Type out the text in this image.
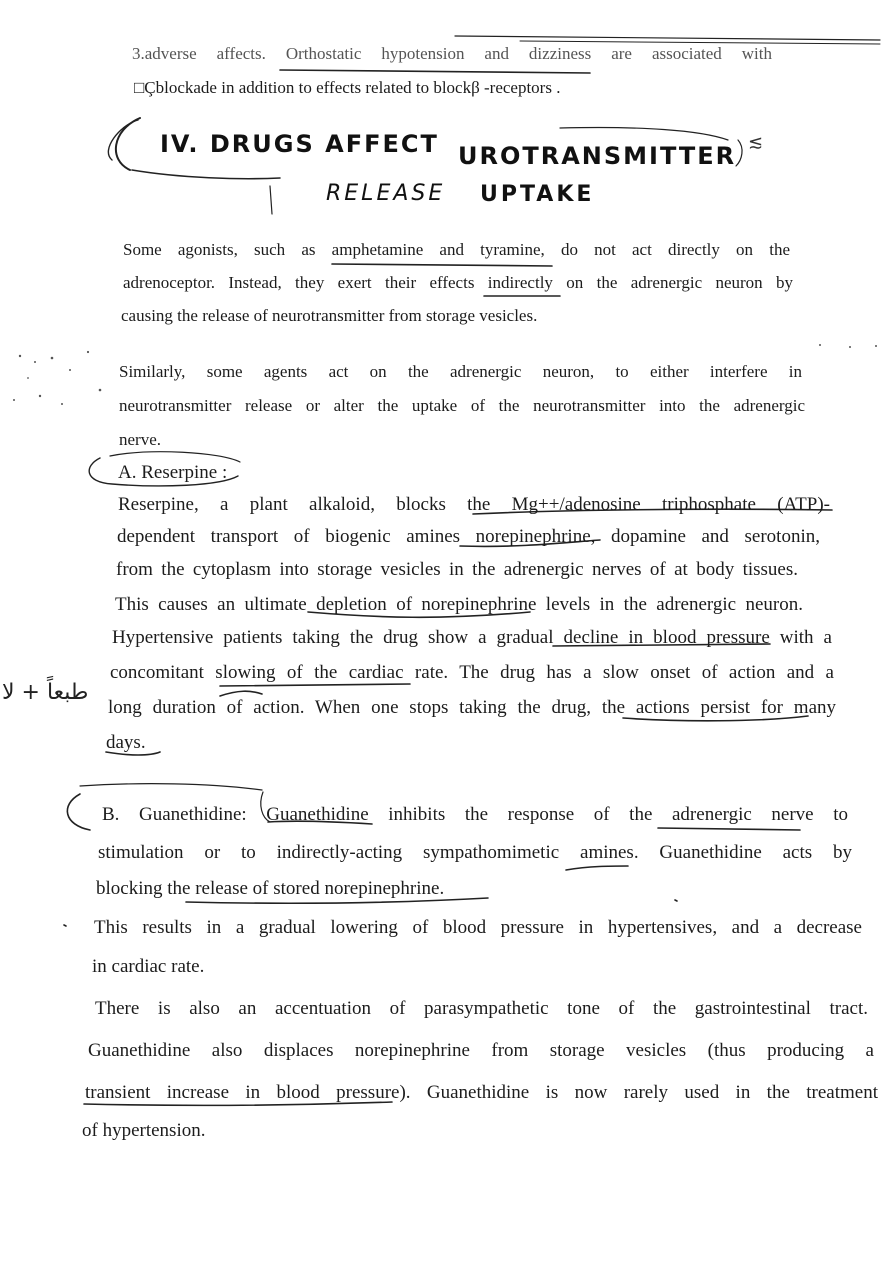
3.adverse affects. Orthostatic hypotension and dizziness are associated with
□Çblockade in addition to effects related to blockβ -receptors .
IV. DRUGS AFFECT UROTRANSMITTER
RELEASE UPTAKE
≲
Some agonists, such as amphetamine and tyramine, do not act directly on the
adrenoceptor. Instead, they exert their effects indirectly on the adrenergic neuron by
causing the release of neurotransmitter from storage vesicles.
Similarly, some agents act on the adrenergic neuron, to either interfere in
neurotransmitter release or alter the uptake of the neurotransmitter into the adrenergic
nerve.
A. Reserpine :
Reserpine, a plant alkaloid, blocks the Mg++/adenosine triphosphate (ATP)-
dependent transport of biogenic amines norepinephrine, dopamine and serotonin,
from the cytoplasm into storage vesicles in the adrenergic nerves of at body tissues.
This causes an ultimate depletion of norepinephrine levels in the adrenergic neuron.
Hypertensive patients taking the drug show a gradual decline in blood pressure with a
concomitant slowing of the cardiac rate. The drug has a slow onset of action and a
long duration of action. When one stops taking the drug, the actions persist for many
days.
طبعاً + لا
B. Guanethidine: Guanethidine inhibits the response of the adrenergic nerve to
stimulation or to indirectly-acting sympathomimetic amines. Guanethidine acts by
blocking the release of stored norepinephrine.
This results in a gradual lowering of blood pressure in hypertensives, and a decrease
in cardiac rate.
There is also an accentuation of parasympathetic tone of the gastrointestinal tract.
Guanethidine also displaces norepinephrine from storage vesicles (thus producing a
transient increase in blood pressure). Guanethidine is now rarely used in the treatment
of hypertension.
